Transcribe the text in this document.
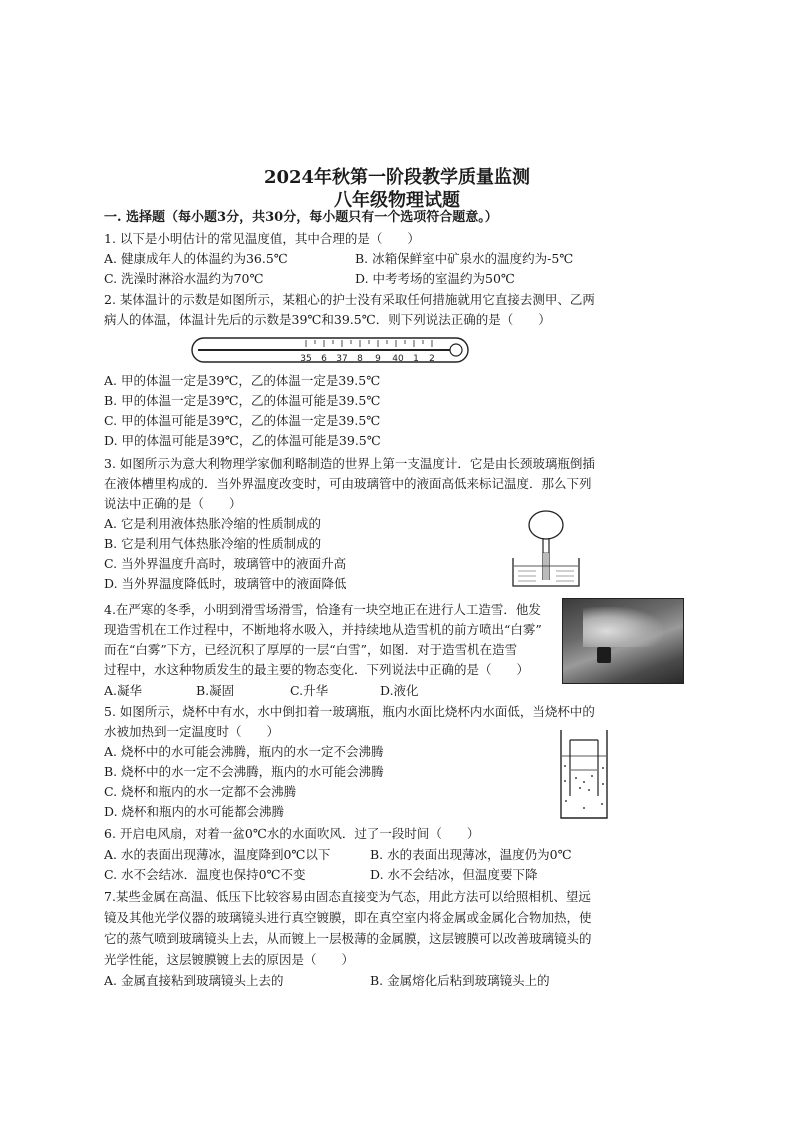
2024年秋第一阶段教学质量监测
八年级物理试题
一. 选择题（每小题3分，共30分，每小题只有一个选项符合题意。）
1. 以下是小明估计的常见温度值，其中合理的是（　　）
A. 健康成年人的体温约为36.5℃	B. 冰箱保鲜室中矿泉水的温度约为-5℃
C. 洗澡时淋浴水温约为70℃	D. 中考考场的室温约为50℃
2. 某体温计的示数是如图所示，某粗心的护士没有采取任何措施就用它直接去测甲、乙两
病人的体温，体温计先后的示数是39℃和39.5℃．则下列说法正确的是（　　）
35 6 37 8 9 40 1 2
A. 甲的体温一定是39℃，乙的体温一定是39.5℃
B. 甲的体温一定是39℃，乙的体温可能是39.5℃
C. 甲的体温可能是39℃，乙的体温一定是39.5℃
D. 甲的体温可能是39℃，乙的体温可能是39.5℃
3. 如图所示为意大利物理学家伽利略制造的世界上第一支温度计．它是由长颈玻璃瓶倒插
在液体槽里构成的．当外界温度改变时，可由玻璃管中的液面高低来标记温度．那么下列
说法中正确的是（　　）
A. 它是利用液体热胀冷缩的性质制成的
B. 它是利用气体热胀冷缩的性质制成的
C. 当外界温度升高时，玻璃管中的液面升高
D. 当外界温度降低时，玻璃管中的液面降低
4.在严寒的冬季，小明到滑雪场滑雪，恰逢有一块空地正在进行人工造雪．他发
现造雪机在工作过程中，不断地将水吸入，并持续地从造雪机的前方喷出“白雾”
而在“白雾”下方，已经沉积了厚厚的一层“白雪”，如图．对于造雪机在造雪
过程中，水这种物质发生的最主要的物态变化．下列说法中正确的是（　　）
A.凝华	B.凝固	C.升华	D.液化
5. 如图所示，烧杯中有水，水中倒扣着一玻璃瓶，瓶内水面比烧杯内水面低，当烧杯中的
水被加热到一定温度时（　　）
A. 烧杯中的水可能会沸腾，瓶内的水一定不会沸腾
B. 烧杯中的水一定不会沸腾，瓶内的水可能会沸腾
C. 烧杯和瓶内的水一定都不会沸腾
D. 烧杯和瓶内的水可能都会沸腾
6. 开启电风扇，对着一盆0℃水的水面吹风．过了一段时间（　　）
A. 水的表面出现薄冰，温度降到0℃以下	B. 水的表面出现薄冰，温度仍为0℃
C. 水不会结冰．温度也保持0℃不变	D. 水不会结冰，但温度要下降
7.某些金属在高温、低压下比较容易由固态直接变为气态，用此方法可以给照相机、望远
镜及其他光学仪器的玻璃镜头进行真空镀膜，即在真空室内将金属或金属化合物加热，使
它的蒸气喷到玻璃镜头上去，从而镀上一层极薄的金属膜，这层镀膜可以改善玻璃镜头的
光学性能，这层镀膜镀上去的原因是（　　）
A. 金属直接粘到玻璃镜头上去的	B. 金属熔化后粘到玻璃镜头上的
